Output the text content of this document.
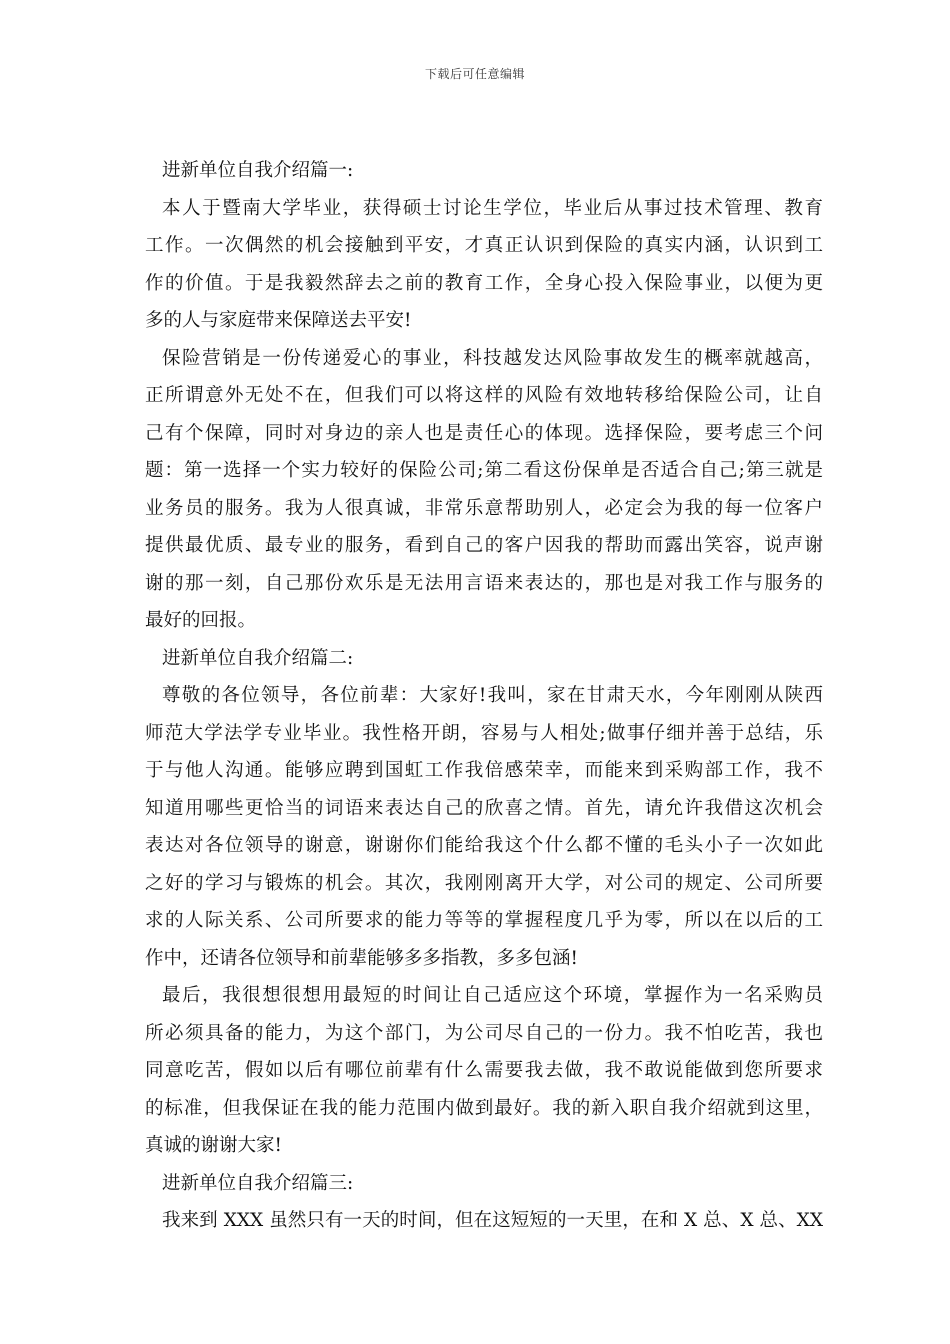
下载后可任意编辑
进新单位自我介绍篇一:
本人于暨南大学毕业，获得硕士讨论生学位，毕业后从事过技术管理、教育
工作。一次偶然的机会接触到平安，才真正认识到保险的真实内涵，认识到工
作的价值。于是我毅然辞去之前的教育工作，全身心投入保险事业，以便为更
多的人与家庭带来保障送去平安!
保险营销是一份传递爱心的事业，科技越发达风险事故发生的概率就越高，
正所谓意外无处不在，但我们可以将这样的风险有效地转移给保险公司，让自
己有个保障，同时对身边的亲人也是责任心的体现。选择保险，要考虑三个问
题：第一选择一个实力较好的保险公司;第二看这份保单是否适合自己;第三就是
业务员的服务。我为人很真诚，非常乐意帮助别人，必定会为我的每一位客户
提供最优质、最专业的服务，看到自己的客户因我的帮助而露出笑容，说声谢
谢的那一刻，自己那份欢乐是无法用言语来表达的，那也是对我工作与服务的
最好的回报。
进新单位自我介绍篇二:
尊敬的各位领导，各位前辈：大家好!我叫，家在甘肃天水，今年刚刚从陕西
师范大学法学专业毕业。我性格开朗，容易与人相处;做事仔细并善于总结，乐
于与他人沟通。能够应聘到国虹工作我倍感荣幸，而能来到采购部工作，我不
知道用哪些更恰当的词语来表达自己的欣喜之情。首先，请允许我借这次机会
表达对各位领导的谢意，谢谢你们能给我这个什么都不懂的毛头小子一次如此
之好的学习与锻炼的机会。其次，我刚刚离开大学，对公司的规定、公司所要
求的人际关系、公司所要求的能力等等的掌握程度几乎为零，所以在以后的工
作中，还请各位领导和前辈能够多多指教，多多包涵!
最后，我很想很想用最短的时间让自己适应这个环境，掌握作为一名采购员
所必须具备的能力，为这个部门，为公司尽自己的一份力。我不怕吃苦，我也
同意吃苦，假如以后有哪位前辈有什么需要我去做，我不敢说能做到您所要求
的标准，但我保证在我的能力范围内做到最好。我的新入职自我介绍就到这里，
真诚的谢谢大家!
进新单位自我介绍篇三:
我来到 XXX 虽然只有一天的时间，但在这短短的一天里，在和 X 总、X 总、XX
